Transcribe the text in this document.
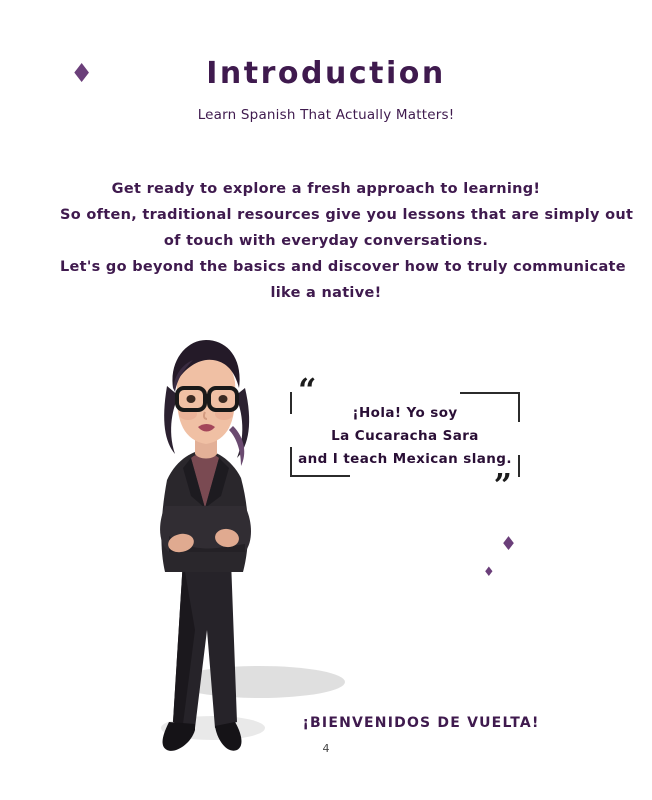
♦	Introduction
Learn Spanish That Actually Matters!
Get ready to explore a fresh approach to learning!
So often, traditional resources give you lessons that are simply out
of touch with everyday conversations.
Let's go beyond the basics and discover how to truly communicate
like a native!
“
”
¡Hola! Yo soy
La Cucaracha Sara
and I teach Mexican slang.
♦
♦
¡BIENVENIDOS DE VUELTA!
4
